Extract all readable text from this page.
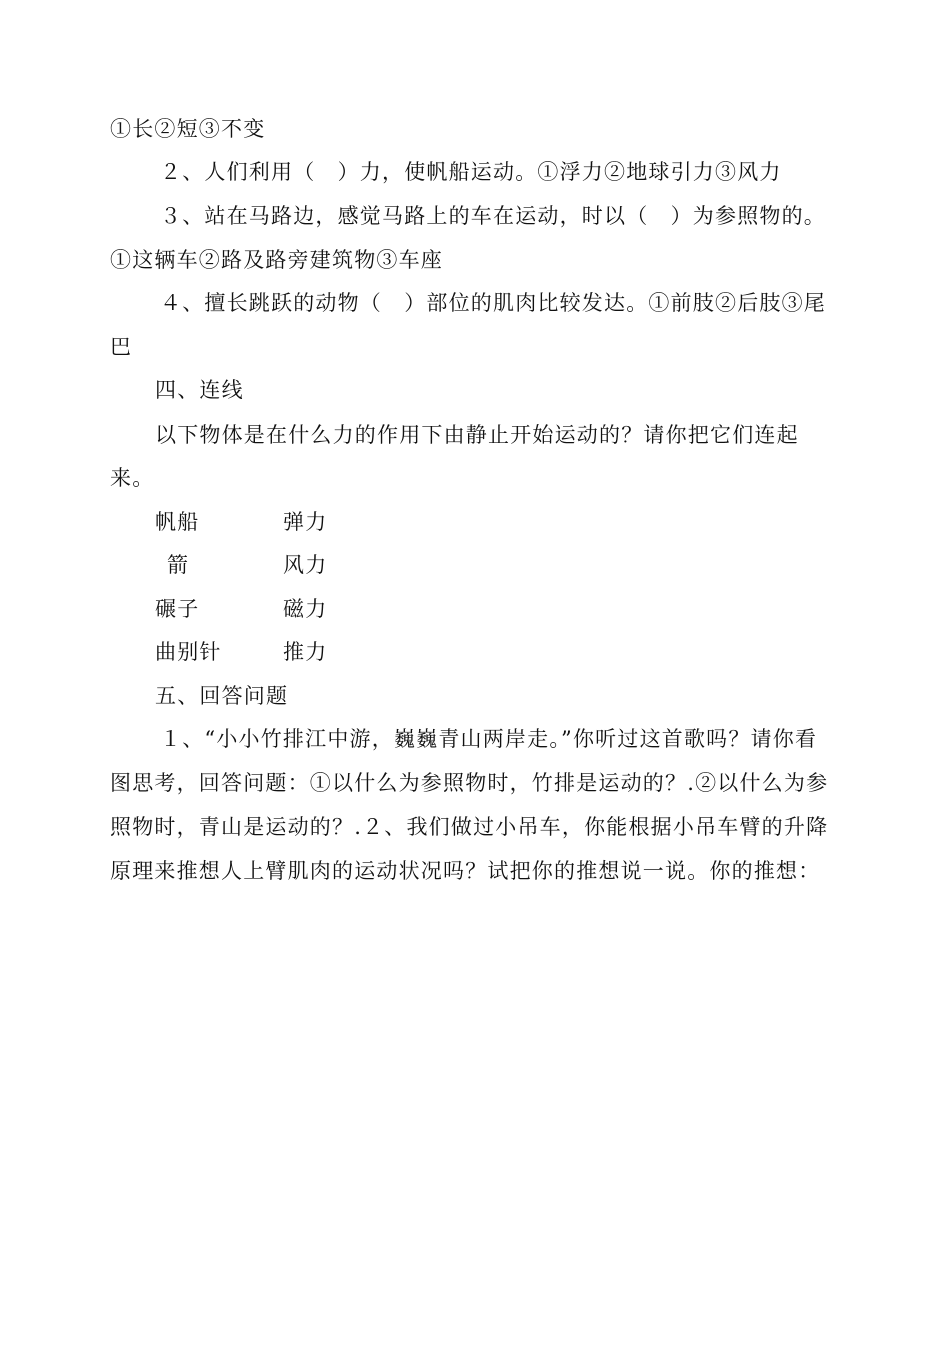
①长②短③不变
２、人们利用（　）力，使帆船运动。①浮力②地球引力③风力
３、站在马路边，感觉马路上的车在运动，时以（　）为参照物的。
①这辆车②路及路旁建筑物③车座
４、擅长跳跃的动物（　）部位的肌肉比较发达。①前肢②后肢③尾
巴
四、连线
以下物体是在什么力的作用下由静止开始运动的？请你把它们连起
来。
帆船	弹力
箭	风力
碾子	磁力
曲别针	推力
五、回答问题
１、“小小竹排江中游，巍巍青山两岸走。”你听过这首歌吗？请你看
图思考，回答问题：①以什么为参照物时，竹排是运动的？.②以什么为参
照物时，青山是运动的？.２、我们做过小吊车，你能根据小吊车臂的升降
原理来推想人上臂肌肉的运动状况吗？试把你的推想说一说。你的推想：
